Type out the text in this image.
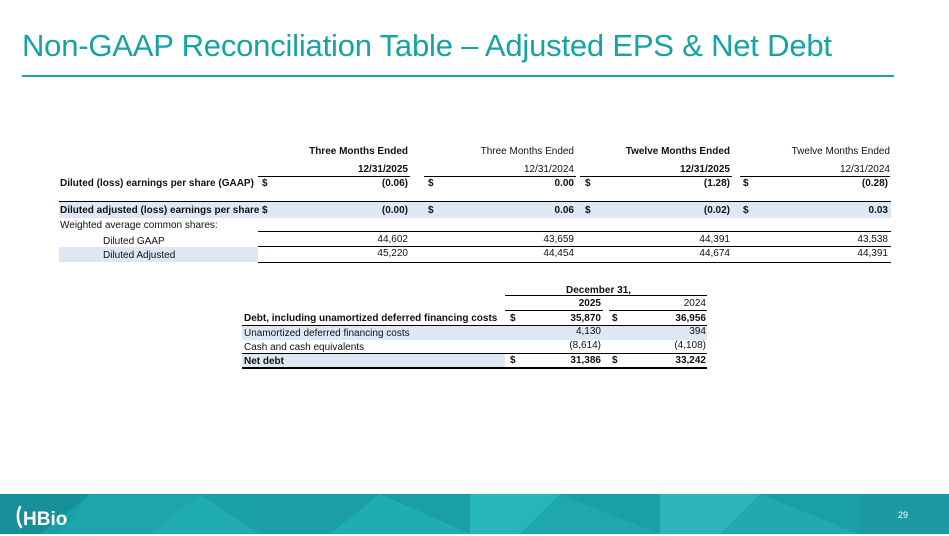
Non-GAAP Reconciliation Table – Adjusted EPS & Net Debt
Three Months Ended	Three Months Ended	Twelve Months Ended	Twelve Months Ended
12/31/2025	12/31/2024	12/31/2025	12/31/2024
Diluted (loss) earnings per share (GAAP) $	(0.06) $	0.00 $	(1.28) $	(0.28)
Diluted adjusted (loss) earnings per share $	(0.00) $	0.06 $	(0.02) $	0.03
Weighted average common shares:
Diluted GAAP	44,602	43,659	44,391	43,538
Diluted Adjusted	45,220	44,454	44,674	44,391
December 31,
2025	2024
Debt, including unamortized deferred financing costs $	35,870 $	36,956
Unamortized deferred financing costs	4,130	394
Cash and cash equivalents	(8,614)	(4,108)
Net debt	$	31,386 $	33,242
HBio	29
